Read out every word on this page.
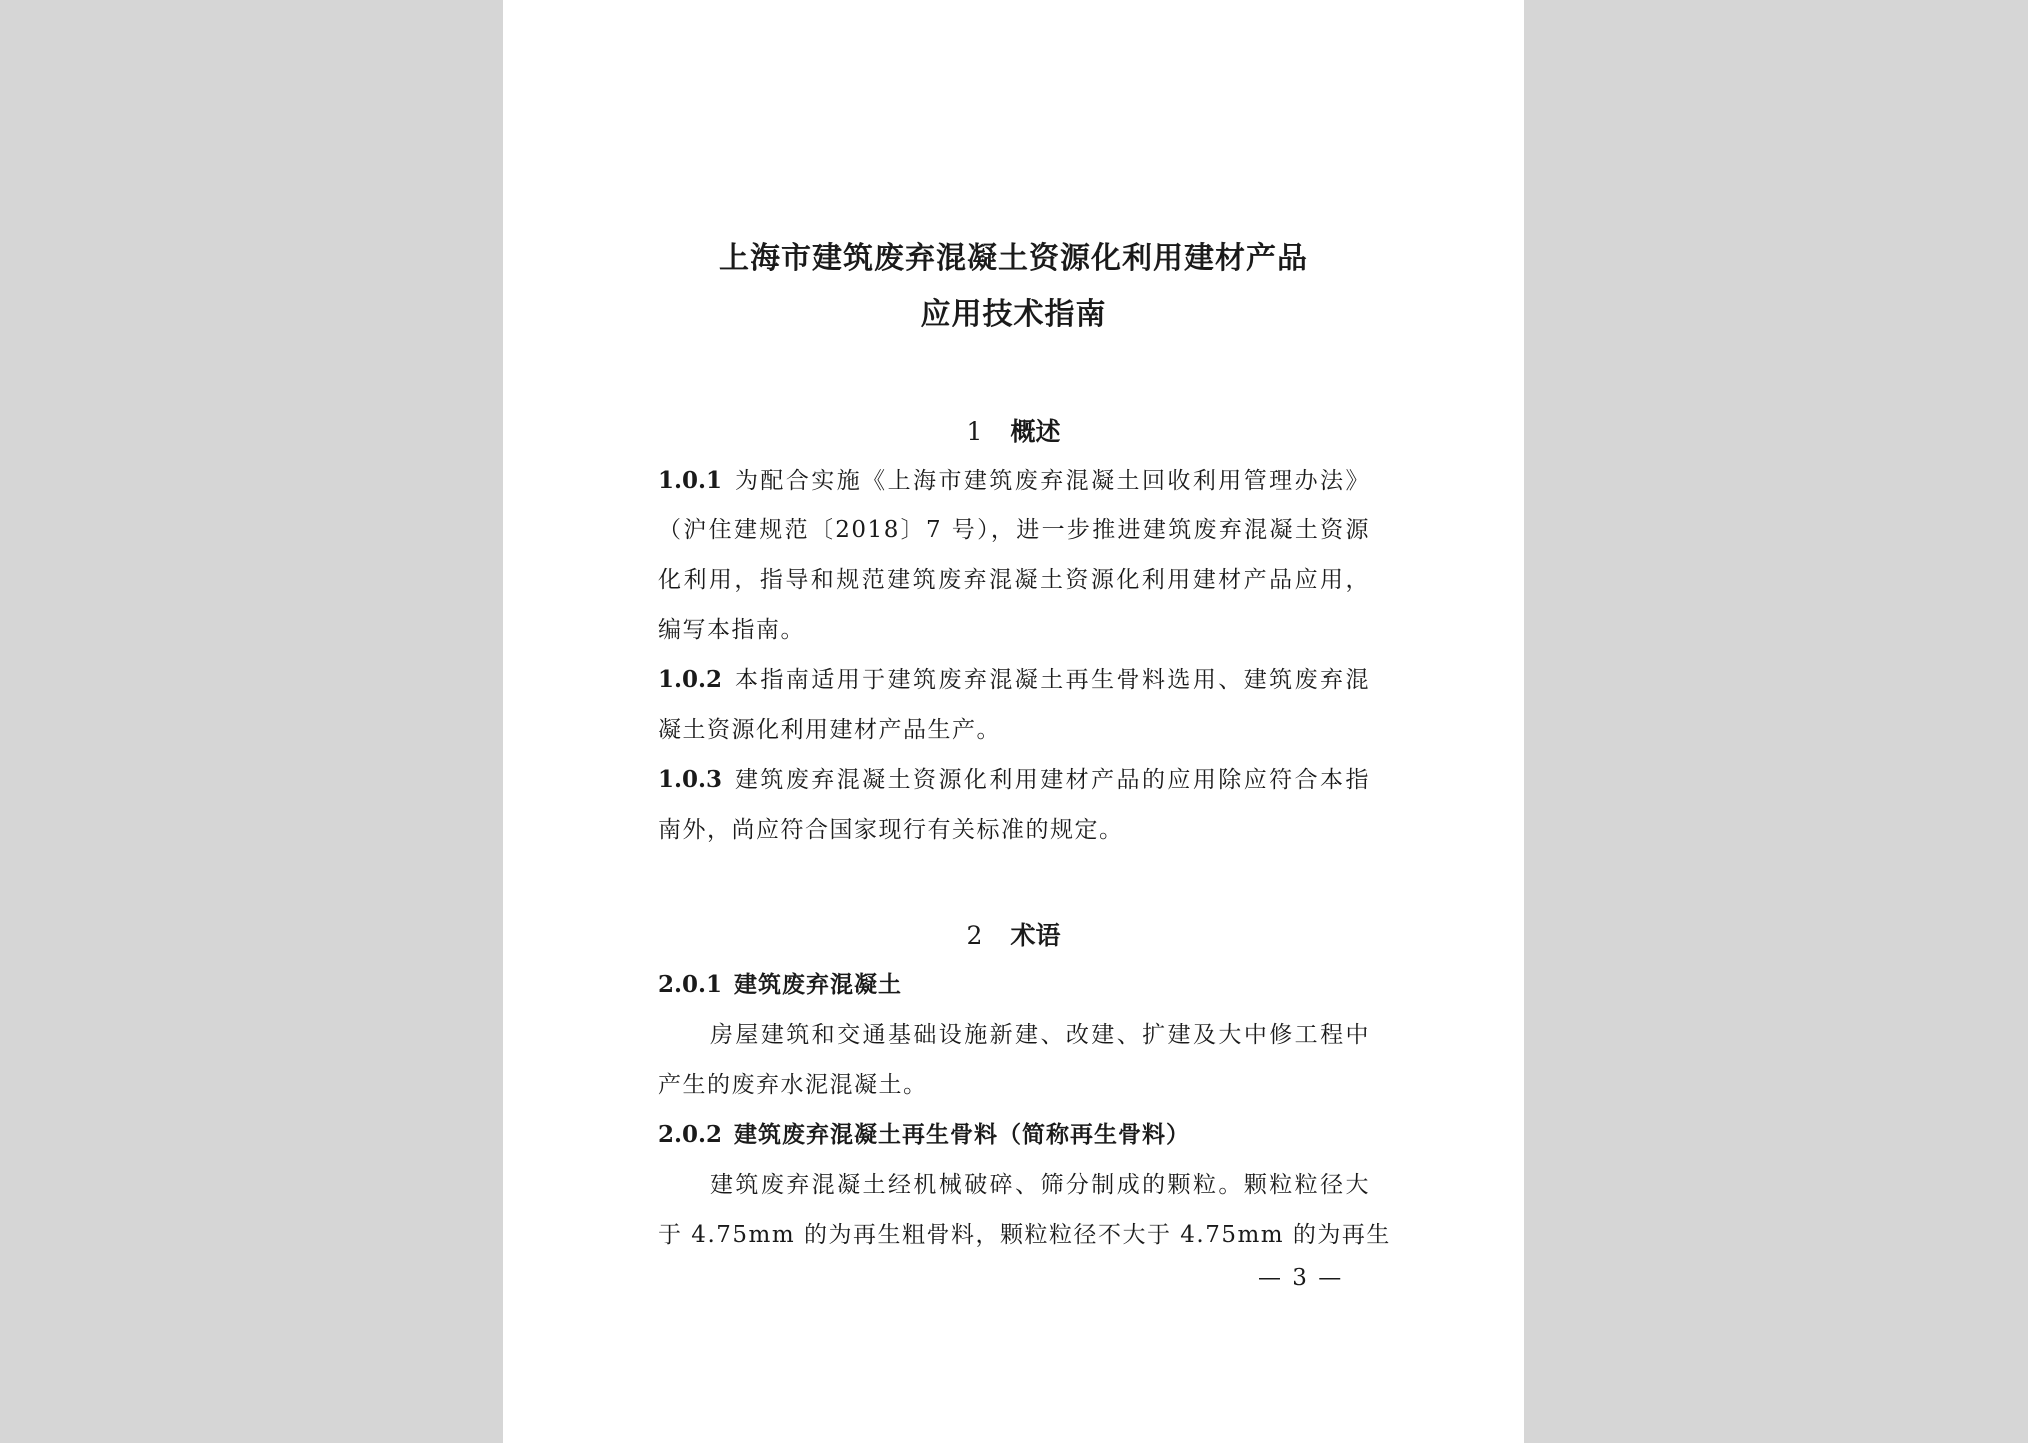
上海市建筑废弃混凝土资源化利用建材产品
应用技术指南
1 概述
1.0.1 为配合实施《上海市建筑废弃混凝土回收利用管理办法》
（沪住建规范〔2018〕7 号），进一步推进建筑废弃混凝土资源
化利用，指导和规范建筑废弃混凝土资源化利用建材产品应用，
编写本指南。
1.0.2 本指南适用于建筑废弃混凝土再生骨料选用、建筑废弃混
凝土资源化利用建材产品生产。
1.0.3 建筑废弃混凝土资源化利用建材产品的应用除应符合本指
南外，尚应符合国家现行有关标准的规定。
2 术语
2.0.1 建筑废弃混凝土
房屋建筑和交通基础设施新建、改建、扩建及大中修工程中
产生的废弃水泥混凝土。
2.0.2 建筑废弃混凝土再生骨料（简称再生骨料）
建筑废弃混凝土经机械破碎、筛分制成的颗粒。颗粒粒径大
于 4.75mm 的为再生粗骨料，颗粒粒径不大于 4.75mm 的为再生
— 3 —
